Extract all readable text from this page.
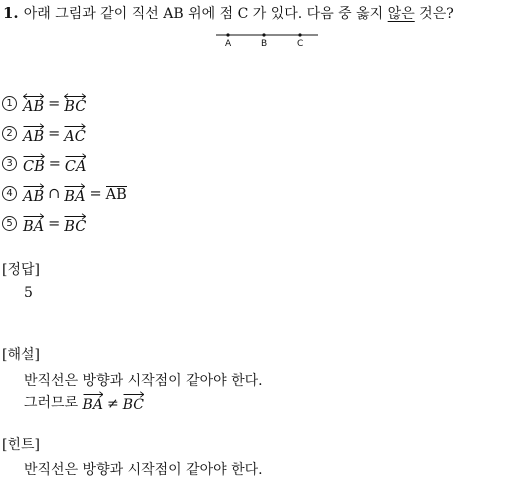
1. 아래 그림과 같이 직선 AB 위에 점 C 가 있다. 다음 중 옳지 않은 것은?
A	B	C
1 AB = BC
2 AB = AC
3 CB = CA
4 AB ∩ BA = AB
5 BA = BC
[정답]
5
[해설]
반직선은 방향과 시작점이 같아야 한다.
그러므로 BA ≠ BC
[힌트]
반직선은 방향과 시작점이 같아야 한다.
